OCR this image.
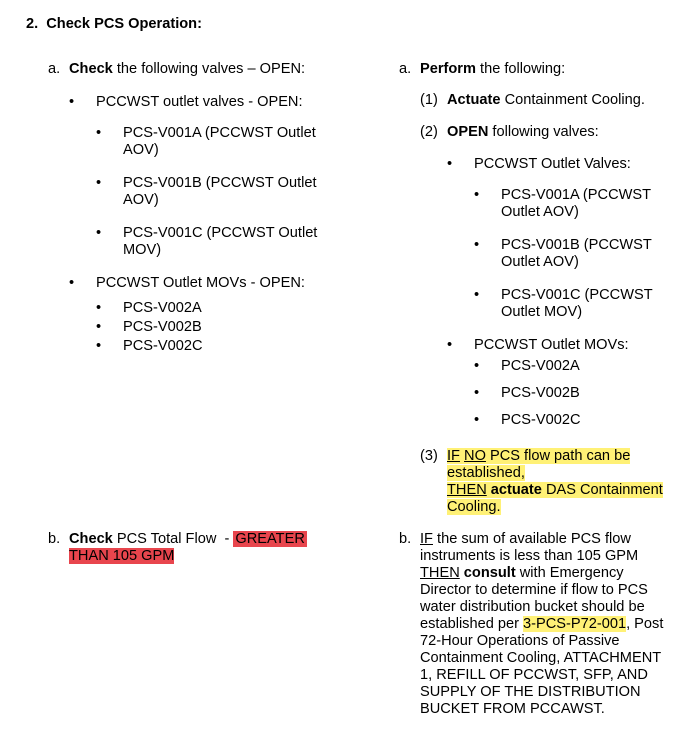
2. Check PCS Operation:
a. Check the following valves – OPEN:
• PCCWST outlet valves - OPEN:
• PCS-V001A (PCCWST Outlet
AOV)
• PCS-V001B (PCCWST Outlet
AOV)
• PCS-V001C (PCCWST Outlet
MOV)
• PCCWST Outlet MOVs - OPEN:
• PCS-V002A
• PCS-V002B
• PCS-V002C
b. Check PCS Total Flow  - GREATER
THAN 105 GPM
a. Perform the following:
(1) Actuate Containment Cooling.
(2) OPEN following valves:
• PCCWST Outlet Valves:
• PCS-V001A (PCCWST
Outlet AOV)
• PCS-V001B (PCCWST
Outlet AOV)
• PCS-V001C (PCCWST
Outlet MOV)
• PCCWST Outlet MOVs:
• PCS-V002A
• PCS-V002B
• PCS-V002C
(3) IF NO PCS flow path can be
established,
THEN actuate DAS Containment
Cooling.
b. IF the sum of available PCS flow
instruments is less than 105 GPM
THEN consult with Emergency
Director to determine if flow to PCS
water distribution bucket should be
established per 3-PCS-P72-001, Post
72-Hour Operations of Passive
Containment Cooling, ATTACHMENT
1, REFILL OF PCCWST, SFP, AND
SUPPLY OF THE DISTRIBUTION
BUCKET FROM PCCAWST.
